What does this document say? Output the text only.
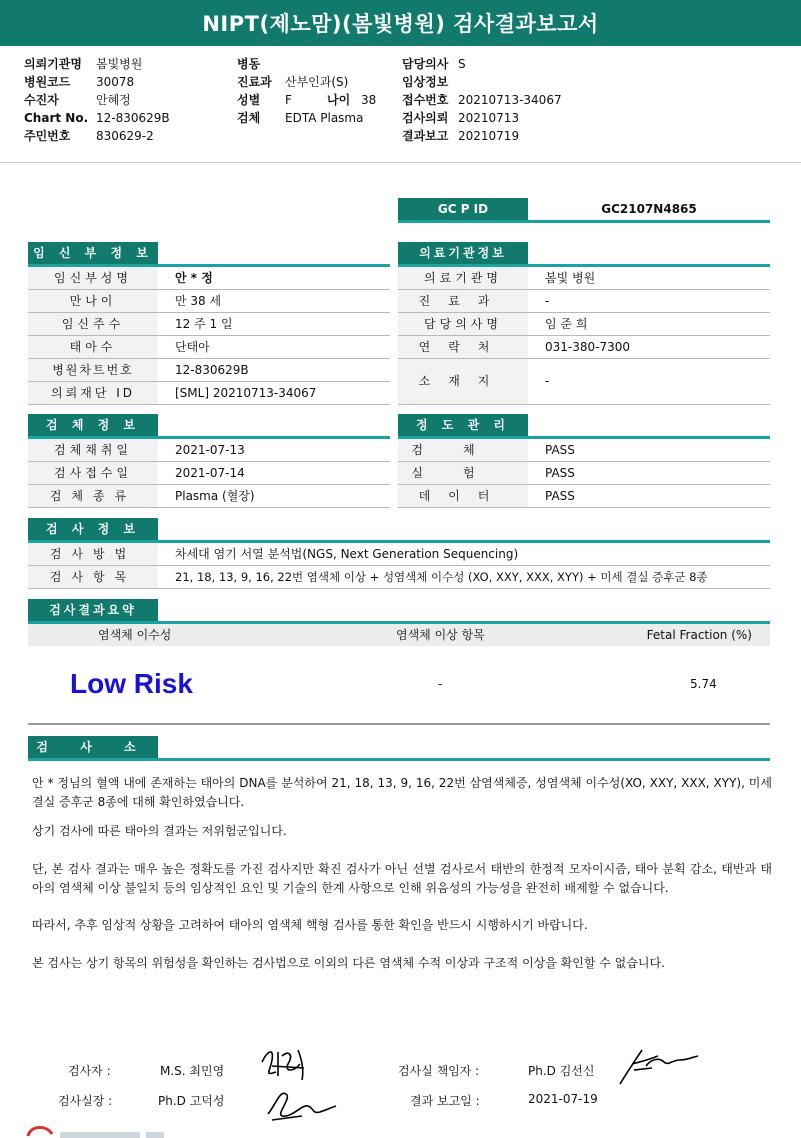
NIPT(제노맘)(봄빛병원) 검사결과보고서
의뢰기관명 봄빛병원
병원코드 30078
수진자	안혜정
Chart No. 12-830629B
주민번호 830629-2
병동
진료과 산부인과(S)
성별 F	나이 38
검체 EDTA Plasma
담당의사 S
임상정보
접수번호 20210713-34067
검사의뢰 20210713
결과보고 20210719
GC P ID	GC2107N4865
임 신 부 정 보
임신부성명	안 * 정
만나이	만 38 세
임신주수	12 주 1 일
태아수	단태아
병원차트번호	12-830629B
의뢰재단 ID	[SML] 20210713-34067
의료기관정보
의료기관명	봄빛 병원
진료과	-
담당의사명	임 준 희
연락처	031-380-7300
소재지	-
검 체 정 보
검체채취일	2021-07-13
검사접수일	2021-07-14
검체종류	Plasma (혈장)
정 도 관 리
검체	PASS
실험	PASS
데이터	PASS
검 사 정 보
검사방법	차세대 염기 서열 분석법(NGS, Next Generation Sequencing)
검사항목	21, 18, 13, 9, 16, 22번 염색체 이상 + 성염색체 이수성 (XO, XXY, XXX, XYY) + 미세 결실 증후군 8종
검사결과요약
염색체 이수성	염색체 이상 항목	Fetal Fraction (%)
Low Risk	-	5.74
검 사 소 견
안 * 정님의 혈액 내에 존재하는 태아의 DNA를 분석하여 21, 18, 13, 9, 16, 22번 삼염색체증, 성염색체 이수성(XO, XXY, XXX, XYY), 미세 결실 증후군 8종에 대해 확인하였습니다.
상기 검사에 따른 태아의 결과는 저위험군입니다.
단, 본 검사 결과는 매우 높은 정확도를 가진 검사지만 확진 검사가 아닌 선별 검사로서 태반의 한정적 모자이시즘, 태아 분획 감소, 태반과 태아의 염색체 이상 불일치 등의 임상적인 요인 및 기술의 한계 사항으로 인해 위음성의 가능성을 완전히 배제할 수 없습니다.
따라서, 추후 임상적 상황을 고려하여 태아의 염색체 핵형 검사를 통한 확인을 반드시 시행하시기 바랍니다.
본 검사는 상기 항목의 위험성을 확인하는 검사법으로 이외의 다른 염색체 수적 이상과 구조적 이상을 확인할 수 없습니다.
검사자 :	M.S. 최민영	검사실 책임자 :	Ph.D 김선신
검사실장 :	Ph.D 고덕성	결과 보고일 :	2021-07-19
